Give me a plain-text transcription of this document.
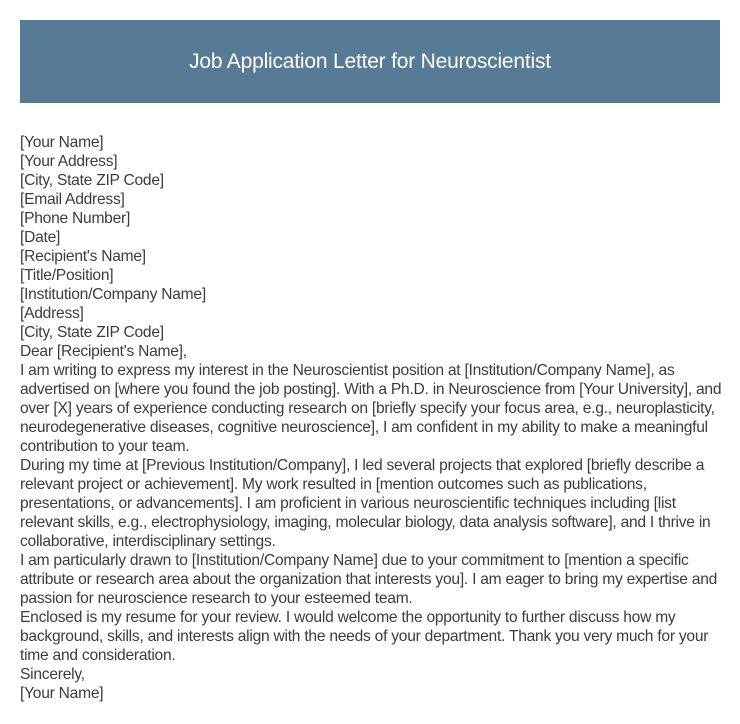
Job Application Letter for Neuroscientist

[Your Name]

[Your Address]

[City, State ZIP Code]

[Email Address]

[Phone Number]

[Date]

[Recipient's Name]

[Title/Position]

[Institution/Company Name]

[Address]

[City, State ZIP Code]

Dear [Recipient's Name],

I am writing to express my interest in the Neuroscientist position at [Institution/Company Name], as advertised on [where you found the job posting]. With a Ph.D. in Neuroscience from [Your University], and over [X] years of experience conducting research on [briefly specify your focus area, e.g., neuroplasticity, neurodegenerative diseases, cognitive neuroscience], I am confident in my ability to make a meaningful contribution to your team.

During my time at [Previous Institution/Company], I led several projects that explored [briefly describe a relevant project or achievement]. My work resulted in [mention outcomes such as publications, presentations, or advancements]. I am proficient in various neuroscientific techniques including [list relevant skills, e.g., electrophysiology, imaging, molecular biology, data analysis software], and I thrive in collaborative, interdisciplinary settings.

I am particularly drawn to [Institution/Company Name] due to your commitment to [mention a specific attribute or research area about the organization that interests you]. I am eager to bring my expertise and passion for neuroscience research to your esteemed team.

Enclosed is my resume for your review. I would welcome the opportunity to further discuss how my background, skills, and interests align with the needs of your department. Thank you very much for your time and consideration.

Sincerely,

[Your Name]
